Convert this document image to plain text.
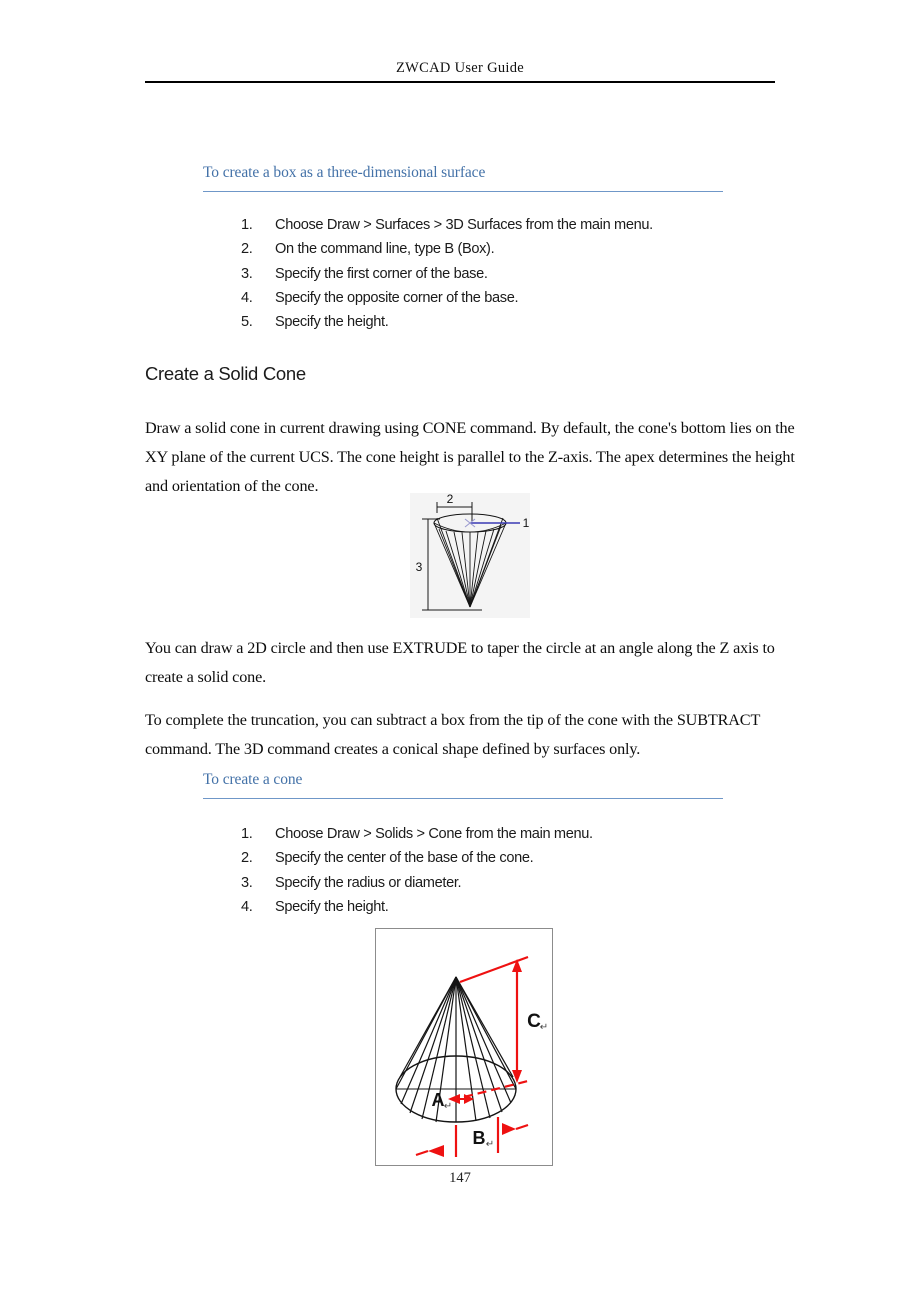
ZWCAD User Guide
To create a box as a three-dimensional surface
1.	Choose Draw > Surfaces > 3D Surfaces from the main menu.
2.	On the command line, type B (Box).
3.	Specify the first corner of the base.
4.	Specify the opposite corner of the base.
5.	Specify the height.
Create a Solid Cone
Draw a solid cone in current drawing using CONE command. By default, the cone's bottom lies on the
XY plane of the current UCS. The cone height is parallel to the Z-axis. The apex determines the height
and orientation of the cone.
2
3
1
You can draw a 2D circle and then use EXTRUDE to taper the circle at an angle along the Z axis to
create a solid cone.
To complete the truncation, you can subtract a box from the tip of the cone with the SUBTRACT
command. The 3D command creates a conical shape defined by surfaces only.
To create a cone
1.	Choose Draw > Solids > Cone from the main menu.
2.	Specify the center of the base of the cone.
3.	Specify the radius or diameter.
4.	Specify the height.
A
B
C
↵
↵
↵
147
